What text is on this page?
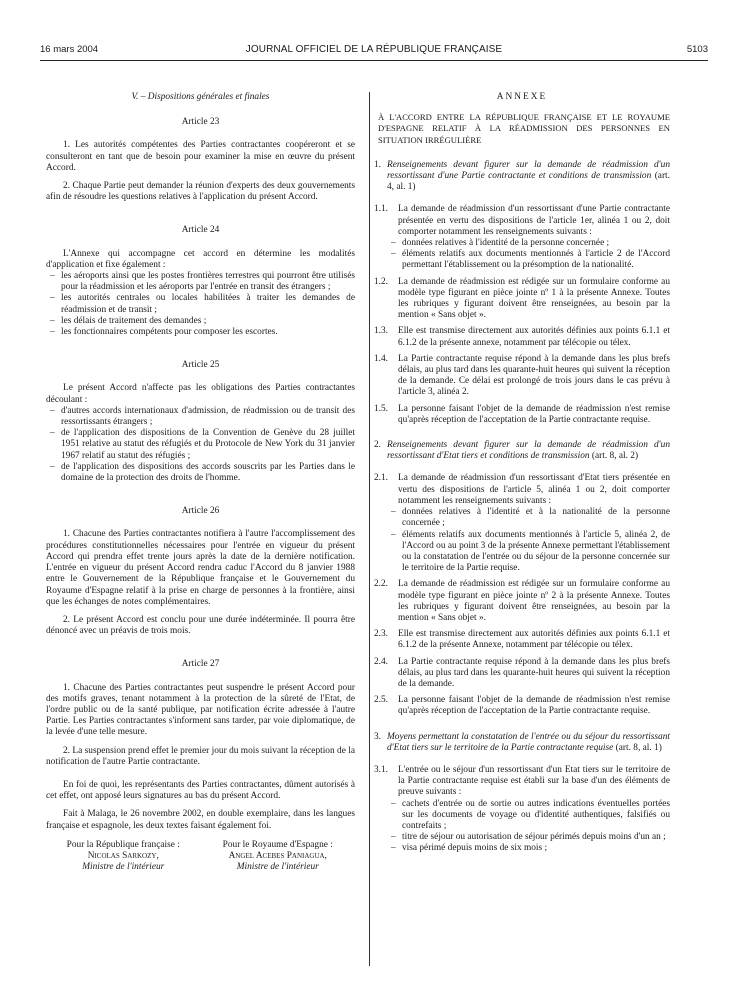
16 mars 2004	JOURNAL OFFICIEL DE LA RÉPUBLIQUE FRANÇAISE	5103

V. – Dispositions générales et finales

Article 23

1. Les autorités compétentes des Parties contractantes coopéreront et se consulteront en tant que de besoin pour examiner la mise en œuvre du présent Accord.

2. Chaque Partie peut demander la réunion d'experts des deux gouvernements afin de résoudre les questions relatives à l'application du présent Accord.

Article 24

L'Annexe qui accompagne cet accord en détermine les modalités d'application et fixe également :

– les aéroports ainsi que les postes frontières terrestres qui pourront être utilisés pour la réadmission et les aéroports par l'entrée en transit des étrangers ;
– les autorités centrales ou locales habilitées à traiter les demandes de réadmission et de transit ;
– les délais de traitement des demandes ;
– les fonctionnaires compétents pour composer les escortes.

Article 25

Le présent Accord n'affecte pas les obligations des Parties contractantes découlant :

– d'autres accords internationaux d'admission, de réadmission ou de transit des ressortissants étrangers ;
– de l'application des dispositions de la Convention de Genève du 28 juillet 1951 relative au statut des réfugiés et du Protocole de New York du 31 janvier 1967 relatif au statut des réfugiés ;
– de l'application des dispositions des accords souscrits par les Parties dans le domaine de la protection des droits de l'homme.

Article 26

1. Chacune des Parties contractantes notifiera à l'autre l'accomplissement des procédures constitutionnelles nécessaires pour l'entrée en vigueur du présent Accord qui prendra effet trente jours après la date de la dernière notification. L'entrée en vigueur du présent Accord rendra caduc l'Accord du 8 janvier 1988 entre le Gouvernement de la République française et le Gouvernement du Royaume d'Espagne relatif à la prise en charge de personnes à la frontière, ainsi que les échanges de notes complémentaires.

2. Le présent Accord est conclu pour une durée indéterminée. Il pourra être dénoncé avec un préavis de trois mois.

Article 27

1. Chacune des Parties contractantes peut suspendre le présent Accord pour des motifs graves, tenant notamment à la protection de la sûreté de l'Etat, de l'ordre public ou de la santé publique, par notification écrite adressée à l'autre Partie. Les Parties contractantes s'informent sans tarder, par voie diplomatique, de la levée d'une telle mesure.

2. La suspension prend effet le premier jour du mois suivant la réception de la notification de l'autre Partie contractante.

En foi de quoi, les représentants des Parties contractantes, dûment autorisés à cet effet, ont apposé leurs signatures au bas du présent Accord.

Fait à Malaga, le 26 novembre 2002, en double exemplaire, dans les langues française et espagnole, les deux textes faisant également foi.

Pour la République française :
Nicolas Sarkozy,
Ministre de l'intérieur
Pour le Royaume d'Espagne :
Angel Acebes Paniagua,
Ministre de l'intérieur

ANNEXE

À L'ACCORD ENTRE LA RÉPUBLIQUE FRANÇAISE ET LE ROYAUME D'ESPAGNE RELATIF À LA RÉADMISSION DES PERSONNES EN SITUATION IRRÉGULIÈRE

1. Renseignements devant figurer sur la demande de réadmission d'un ressortissant d'une Partie contractante et conditions de transmission (art. 4, al. 1)
1.1.	La demande de réadmission d'un ressortissant d'une Partie contractante présentée en vertu des dispositions de l'article 1er, alinéa 1 ou 2, doit comporter notamment les renseignements suivants :

– données relatives à l'identité de la personne concernée ;
– éléments relatifs aux documents mentionnés à l'article 2 de l'Accord permettant l'établissement ou la présomption de la nationalité.
1.2.	La demande de réadmission est rédigée sur un formulaire conforme au modèle type figurant en pièce jointe nº 1 à la présente Annexe. Toutes les rubriques y figurant doivent être renseignées, au besoin par la mention « Sans objet ».

1.3.	Elle est transmise directement aux autorités définies aux points 6.1.1 et 6.1.2 de la présente annexe, notamment par télécopie ou télex.

1.4.	La Partie contractante requise répond à la demande dans les plus brefs délais, au plus tard dans les quarante-huit heures qui suivent la réception de la demande. Ce délai est prolongé de trois jours dans le cas prévu à l'article 3, alinéa 2.

1.5.	La personne faisant l'objet de la demande de réadmission n'est remise qu'après réception de l'acceptation de la Partie contractante requise.

2. Renseignements devant figurer sur la demande de réadmission d'un ressortissant d'Etat tiers et conditions de transmission (art. 8, al. 2)
2.1.	La demande de réadmission d'un ressortissant d'Etat tiers présentée en vertu des dispositions de l'article 5, alinéa 1 ou 2, doit comporter notamment les renseignements suivants :

– données relatives à l'identité et à la nationalité de la personne concernée ;
– éléments relatifs aux documents mentionnés à l'article 5, alinéa 2, de l'Accord ou au point 3 de la présente Annexe permettant l'établissement ou la constatation de l'entrée ou du séjour de la personne concernée sur le territoire de la Partie requise.
2.2.	La demande de réadmission est rédigée sur un formulaire conforme au modèle type figurant en pièce jointe nº 2 à la présente Annexe. Toutes les rubriques y figurant doivent être renseignées, au besoin par la mention « Sans objet ».

2.3.	Elle est transmise directement aux autorités définies aux points 6.1.1 et 6.1.2 de la présente Annexe, notamment par télécopie ou télex.

2.4.	La Partie contractante requise répond à la demande dans les plus brefs délais, au plus tard dans les quarante-huit heures qui suivent la réception de la demande.

2.5.	La personne faisant l'objet de la demande de réadmission n'est remise qu'après réception de l'acceptation de la Partie contractante requise.

3. Moyens permettant la constatation de l'entrée ou du séjour du ressortissant d'Etat tiers sur le territoire de la Partie contractante requise (art. 8, al. 1)
3.1.	L'entrée ou le séjour d'un ressortissant d'un Etat tiers sur le territoire de la Partie contractante requise est établi sur la base d'un des éléments de preuve suivants :

– cachets d'entrée ou de sortie ou autres indications éventuelles portées sur les documents de voyage ou d'identité authentiques, falsifiés ou contrefaits ;
– titre de séjour ou autorisation de séjour périmés depuis moins d'un an ;
– visa périmé depuis moins de six mois ;
